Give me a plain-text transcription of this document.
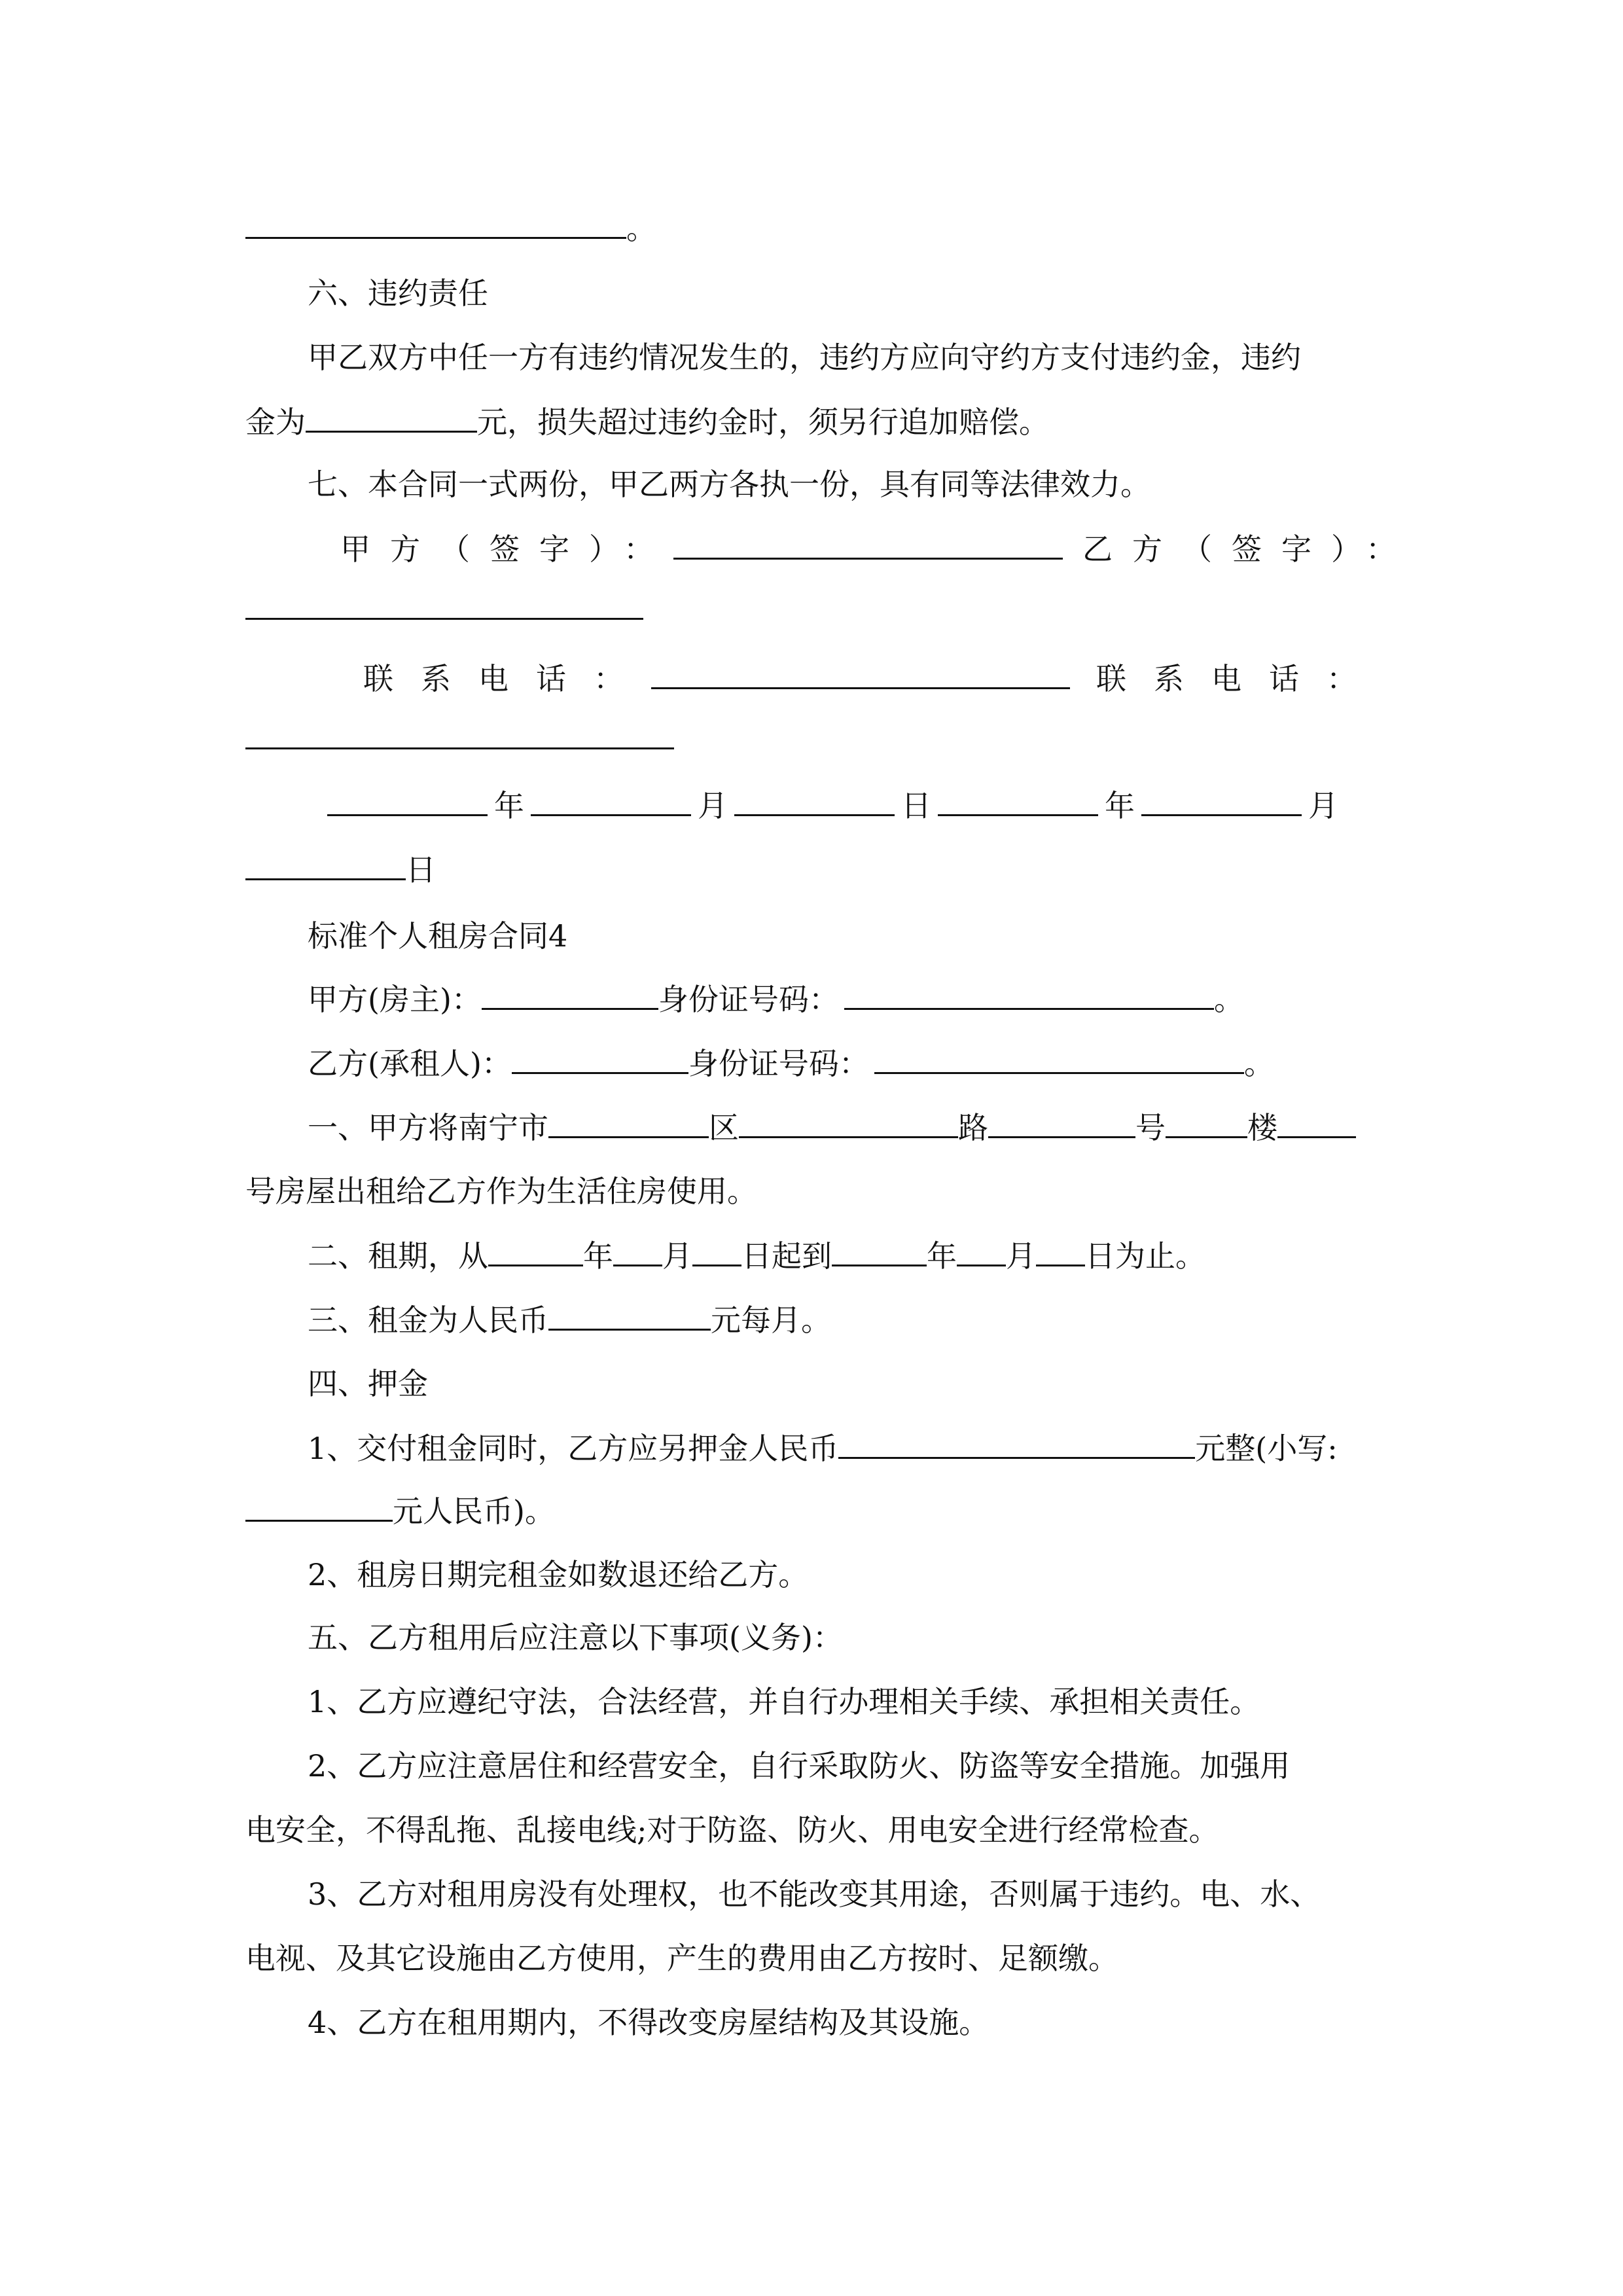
。
六、违约责任
甲乙双方中任一方有违约情况发生的，违约方应向守约方支付违约金，违约
金为	元，损失超过违约金时，须另行追加赔偿。
七、本合同一式两份，甲乙两方各执一份，具有同等法律效力。
甲方（签字）：	乙方（签字）：
联系电话：	联系电话：
年	月	日	年	月
日
标准个人租房合同4
甲方(房主)：	身份证号码：	。
乙方(承租人)：	身份证号码：	。
一、甲方将南宁市	区	路	号	楼
号房屋出租给乙方作为生活住房使用。
二、租期，从	年 月 日起到	年 月 日为止。
三、租金为人民币	元每月。
四、押金
1、交付租金同时，乙方应另押金人民币	元整(小写:
元人民币)。
2、租房日期完租金如数退还给乙方。
五、乙方租用后应注意以下事项(义务)：
1、乙方应遵纪守法，合法经营，并自行办理相关手续、承担相关责任。
2、乙方应注意居住和经营安全，自行采取防火、防盗等安全措施。加强用
电安全，不得乱拖、乱接电线;对于防盗、防火、用电安全进行经常检查。
3、乙方对租用房没有处理权，也不能改变其用途，否则属于违约。电、水、
电视、及其它设施由乙方使用，产生的费用由乙方按时、足额缴。
4、乙方在租用期内，不得改变房屋结构及其设施。
